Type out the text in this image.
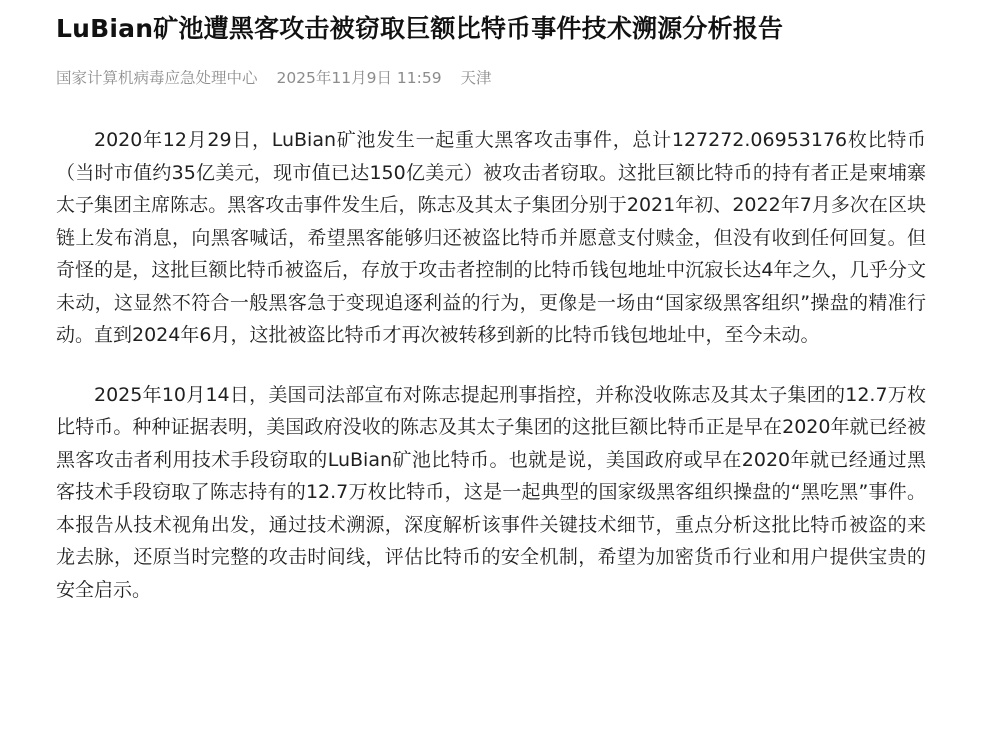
LuBian矿池遭黑客攻击被窃取巨额比特币事件技术溯源分析报告
国家计算机病毒应急处理中心 2025年11月9日 11:59 天津

2020年12月29日，LuBian矿池发生一起重大黑客攻击事件，总计127272.06953176枚比特币（当时市值约35亿美元，现市值已达150亿美元）被攻击者窃取。这批巨额比特币的持有者正是柬埔寨太子集团主席陈志。黑客攻击事件发生后，陈志及其太子集团分别于2021年初、2022年7月多次在区块链上发布消息，向黑客喊话，希望黑客能够归还被盗比特币并愿意支付赎金，但没有收到任何回复。但奇怪的是，这批巨额比特币被盗后，存放于攻击者控制的比特币钱包地址中沉寂长达4年之久，几乎分文未动，这显然不符合一般黑客急于变现追逐利益的行为，更像是一场由“国家级黑客组织”操盘的精准行动。直到2024年6月，这批被盗比特币才再次被转移到新的比特币钱包地址中，至今未动。

2025年10月14日，美国司法部宣布对陈志提起刑事指控，并称没收陈志及其太子集团的12.7万枚比特币。种种证据表明，美国政府没收的陈志及其太子集团的这批巨额比特币正是早在2020年就已经被黑客攻击者利用技术手段窃取的LuBian矿池比特币。也就是说，美国政府或早在2020年就已经通过黑客技术手段窃取了陈志持有的12.7万枚比特币，这是一起典型的国家级黑客组织操盘的“黑吃黑”事件。本报告从技术视角出发，通过技术溯源，深度解析该事件关键技术细节，重点分析这批比特币被盗的来龙去脉，还原当时完整的攻击时间线，评估比特币的安全机制，希望为加密货币行业和用户提供宝贵的安全启示。
